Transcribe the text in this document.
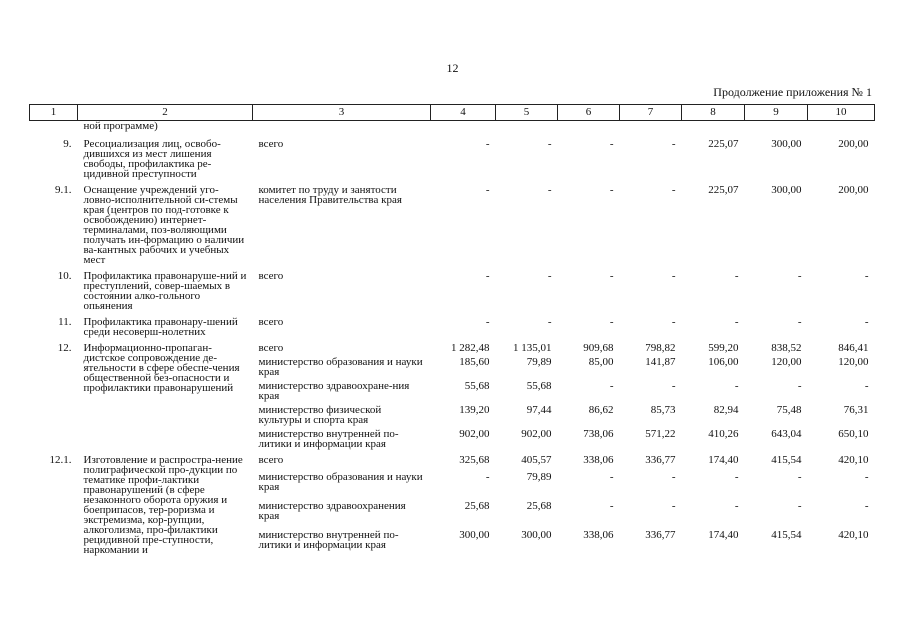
12
Продолжение приложения № 1
1	2	3	4	5	6	7	8	9	10
	ной программе)								
9.	Ресоциализация лиц, освобо-дившихся из мест лишения свободы, профилактика ре-цидивной преступности	всего	-	-	-	-	225,07	300,00	200,00
9.1.	Оснащение учреждений уго-ловно-исполнительной си-стемы края (центров по под-готовке к освобождению) интернет-терминалами, поз-воляющими получать ин-формацию о наличии ва-кантных рабочих и учебных мест	комитет по труду и занятости населения Правительства края	-	-	-	-	225,07	300,00	200,00
10.	Профилактика правонаруше-ний и преступлений, совер-шаемых в состоянии алко-гольного опьянения	всего	-	-	-	-	-	-	-
11.	Профилактика правонару-шений среди несоверш-нолетних	всего	-	-	-	-	-	-	-
12.	Информационно-пропаган-дистское сопровождение де-ятельности в сфере обеспе-чения общественной без-опасности и профилактики правонарушений	всего	1 282,48	1 135,01	909,68	798,82	599,20	838,52	846,41
		министерство образования и науки края	185,60	79,89	85,00	141,87	106,00	120,00	120,00
		министерство здравоохране-ния края	55,68	55,68	-	-	-	-	-
		министерство физической культуры и спорта края	139,20	97,44	86,62	85,73	82,94	75,48	76,31
		министерство внутренней по-литики и информации края	902,00	902,00	738,06	571,22	410,26	643,04	650,10
12.1.	Изготовление и распростра-нение полиграфической про-дукции по тематике профи-лактики правонарушений (в сфере незаконного оборота оружия и боеприпасов, тер-роризма и экстремизма, кор-рупции, алкоголизма, про-филактики рецидивной пре-ступности, наркомании и	всего	325,68	405,57	338,06	336,77	174,40	415,54	420,10
		министерство образования и науки края	-	79,89	-	-	-	-	-
		министерство здравоохранения края	25,68	25,68	-	-	-	-	-
		министерство внутренней по-литики и информации края	300,00	300,00	338,06	336,77	174,40	415,54	420,10
